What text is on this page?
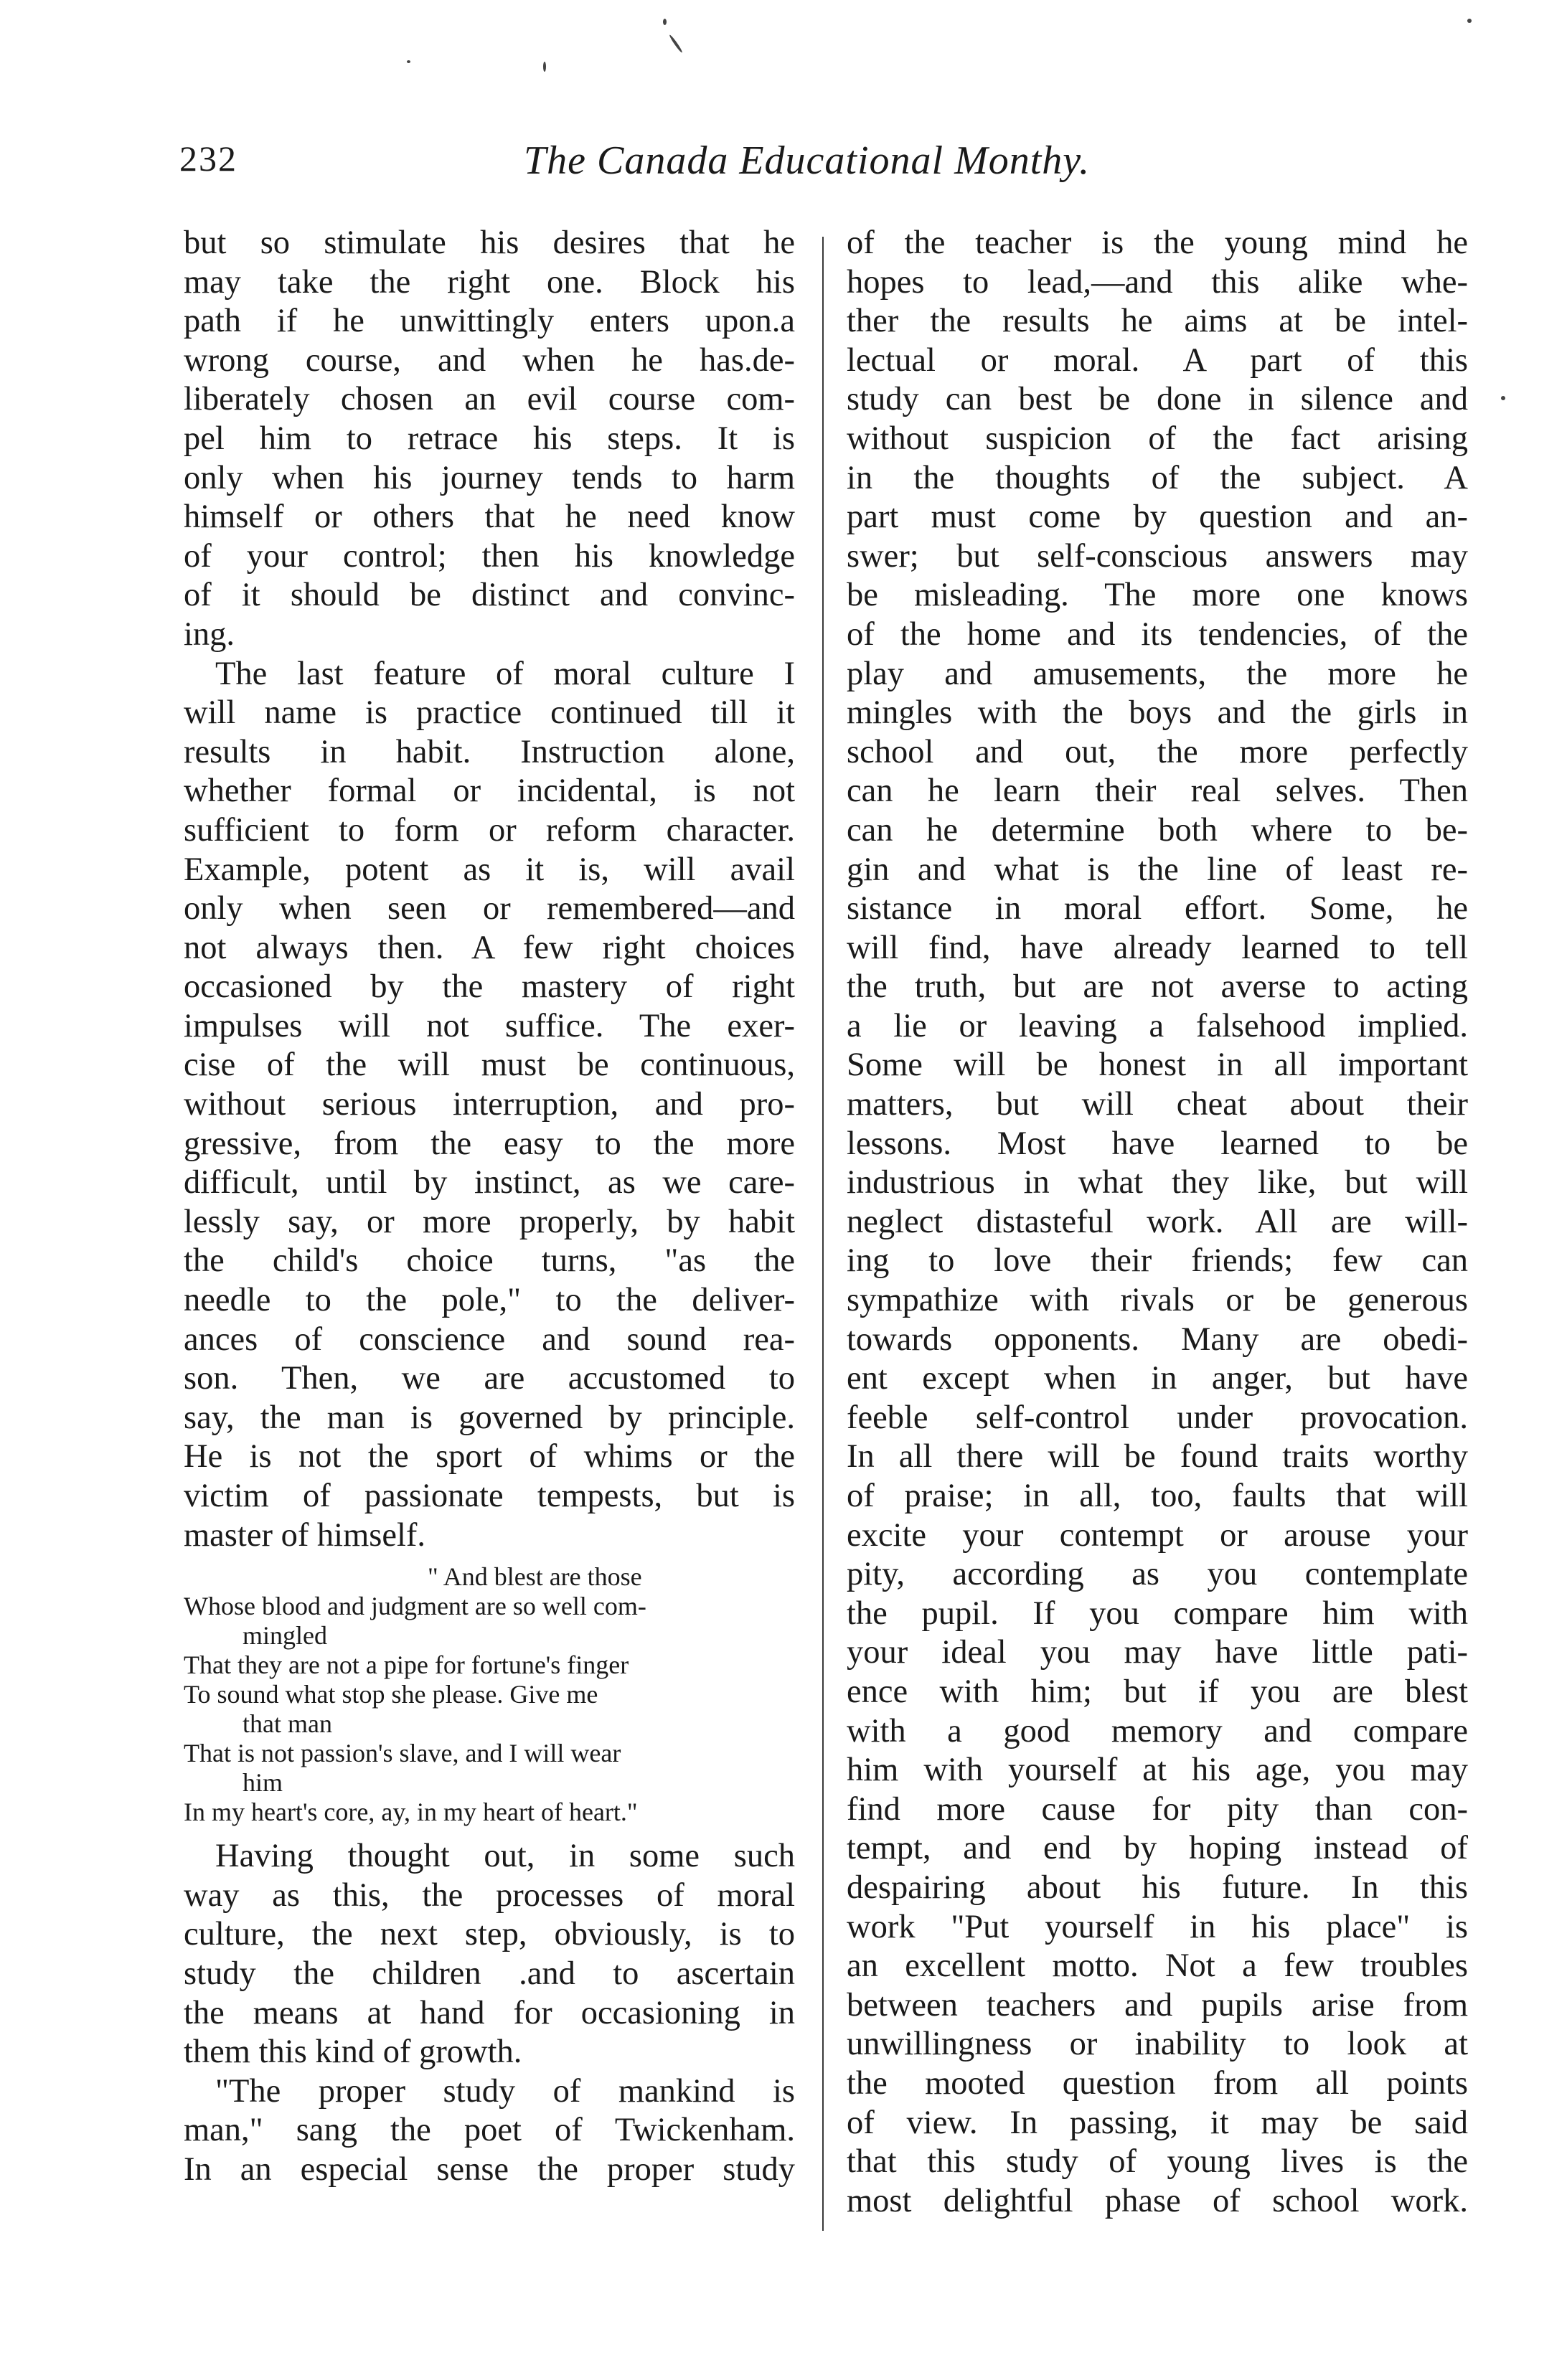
232	The Canada Educational Monthy.
but so stimulate his desires that he
may take the right one. Block his
path if he unwittingly enters upon.a
wrong course, and when he has.de-
liberately chosen an evil course com-
pel him to retrace his steps. It is
only when his journey tends to harm
himself or others that he need know
of your control; then his knowledge
of it should be distinct and convinc-
ing.
The last feature of moral culture I
will name is practice continued till it
results in habit. Instruction alone,
whether formal or incidental, is not
sufficient to form or reform character.
Example, potent as it is, will avail
only when seen or remembered—and
not always then. A few right choices
occasioned by the mastery of right
impulses will not suffice. The exer-
cise of the will must be continuous,
without serious interruption, and pro-
gressive, from the easy to the more
difficult, until by instinct, as we care-
lessly say, or more properly, by habit
the child's choice turns, "as the
needle to the pole," to the deliver-
ances of conscience and sound rea-
son. Then, we are accustomed to
say, the man is governed by principle.
He is not the sport of whims or the
victim of passionate tempests, but is
master of himself.
" And blest are those
Whose blood and judgment are so well com-
mingled
That they are not a pipe for fortune's finger
To sound what stop she please. Give me
that man
That is not passion's slave, and I will wear
him
In my heart's core, ay, in my heart of heart."
Having thought out, in some such
way as this, the processes of moral
culture, the next step, obviously, is to
study the children .and to ascertain
the means at hand for occasioning in
them this kind of growth.
"The proper study of mankind is
man," sang the poet of Twickenham.
In an especial sense the proper study
of the teacher is the young mind he
hopes to lead,—and this alike whe-
ther the results he aims at be intel-
lectual or moral. A part of this
study can best be done in silence and
without suspicion of the fact arising
in the thoughts of the subject. A
part must come by question and an-
swer; but self-conscious answers may
be misleading. The more one knows
of the home and its tendencies, of the
play and amusements, the more he
mingles with the boys and the girls in
school and out, the more perfectly
can he learn their real selves. Then
can he determine both where to be-
gin and what is the line of least re-
sistance in moral effort. Some, he
will find, have already learned to tell
the truth, but are not averse to acting
a lie or leaving a falsehood implied.
Some will be honest in all important
matters, but will cheat about their
lessons. Most have learned to be
industrious in what they like, but will
neglect distasteful work. All are will-
ing to love their friends; few can
sympathize with rivals or be generous
towards opponents. Many are obedi-
ent except when in anger, but have
feeble self-control under provocation.
In all there will be found traits worthy
of praise; in all, too, faults that will
excite your contempt or arouse your
pity, according as you contemplate
the pupil. If you compare him with
your ideal you may have little pati-
ence with him; but if you are blest
with a good memory and compare
him with yourself at his age, you may
find more cause for pity than con-
tempt, and end by hoping instead of
despairing about his future. In this
work "Put yourself in his place" is
an excellent motto. Not a few troubles
between teachers and pupils arise from
unwillingness or inability to look at
the mooted question from all points
of view. In passing, it may be said
that this study of young lives is the
most delightful phase of school work.
